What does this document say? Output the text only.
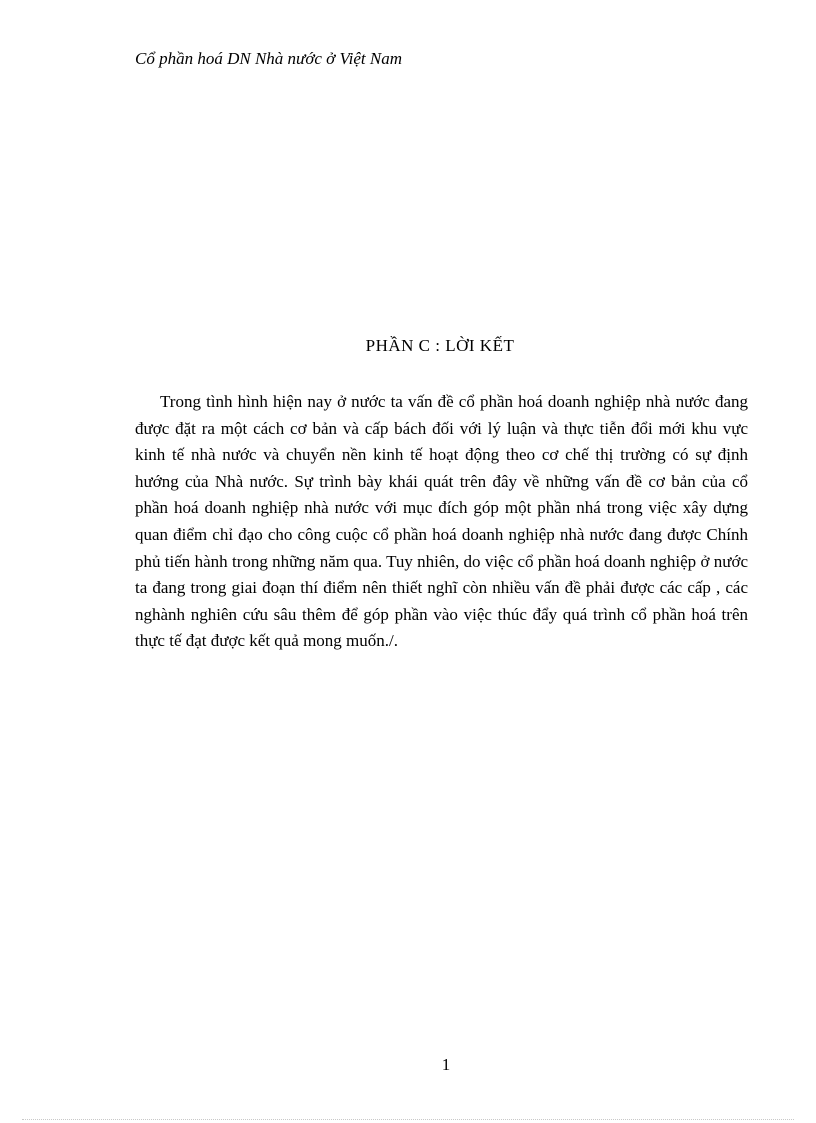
Cổ phần hoá DN Nhà nước ở Việt Nam
PHẦN C : LỜI KẾT

Trong tình hình hiện nay ở nước ta vấn đề cổ phần hoá doanh nghiệp nhà nước đang được đặt ra một cách cơ bản và cấp bách đối với lý luận và thực tiễn đổi mới khu vực kinh tế nhà nước và chuyển nền kinh tế hoạt động theo cơ chế thị trường có sự định hướng của Nhà nước. Sự trình bày khái quát trên đây về những vấn đề cơ bản của cổ phần hoá doanh nghiệp nhà nước với mục đích góp một phần nhá trong việc xây dựng quan điểm chỉ đạo cho công cuộc cổ phần hoá doanh nghiệp nhà nước đang được Chính phủ tiến hành trong những năm qua. Tuy nhiên, do việc cổ phần hoá doanh nghiệp ở nước ta đang trong giai đoạn thí điểm nên thiết nghĩ còn nhiều vấn đề phải được các cấp , các nghành nghiên cứu sâu thêm để góp phần vào việc thúc đẩy quá trình cổ phần hoá trên thực tế đạt được kết quả mong muốn./.

1
